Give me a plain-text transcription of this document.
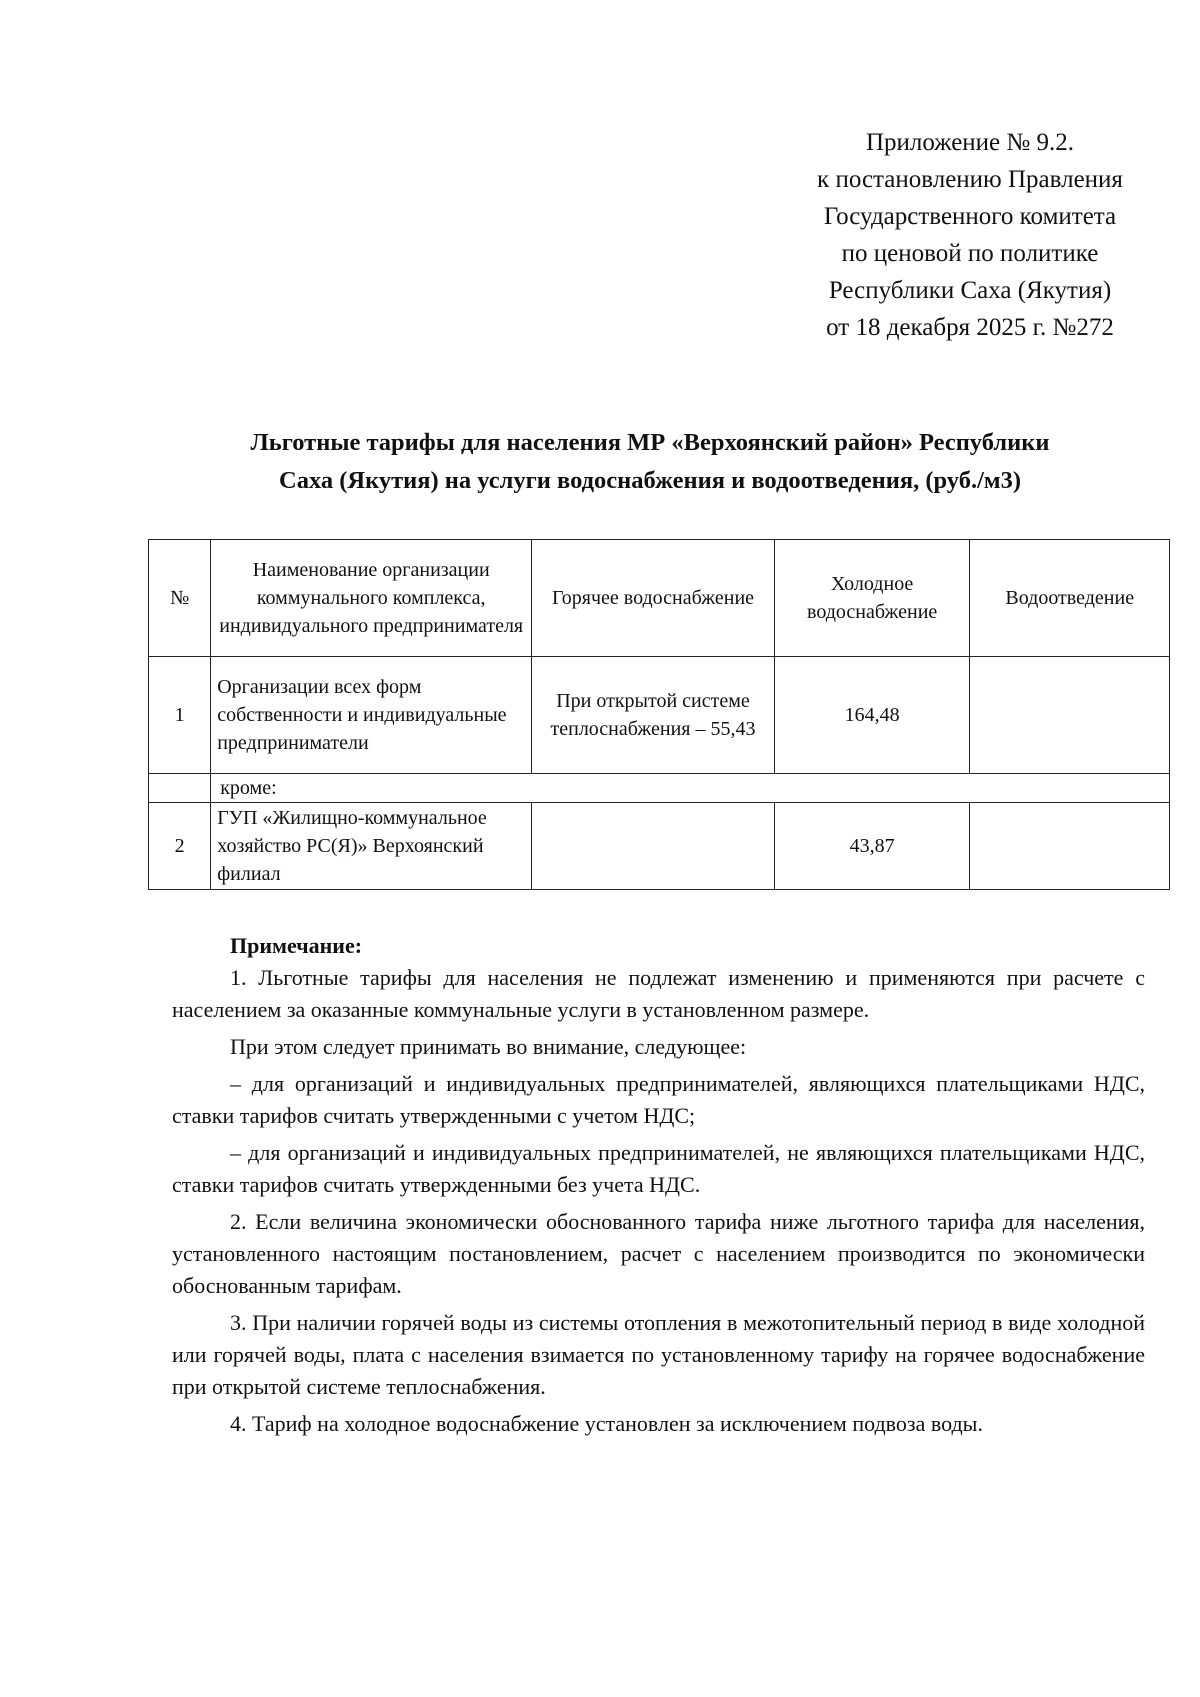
Приложение № 9.2.
к постановлению Правления
Государственного комитета
по ценовой по политике
Республики Саха (Якутия)
от 18 декабря 2025 г. №272
Льготные тарифы для населения МР «Верхоянский район» Республики
Саха (Якутия) на услуги водоснабжения и водоотведения, (руб./м3)
№	Наименование организации коммунального комплекса, индивидуального предпринимателя	Горячее водоснабжение	Холодное водоснабжение	Водоотведение
1	Организации всех форм собственности и индивидуальные предприниматели	При открытой системе теплоснабжения – 55,43	164,48	
	кроме:			
2	ГУП «Жилищно-коммунальное хозяйство РС(Я)» Верхоянский филиал		43,87	
Примечание:

1. Льготные тарифы для населения не подлежат изменению и применяются при расчете с населением за оказанные коммунальные услуги в установленном размере.

При этом следует принимать во внимание, следующее:

– для организаций и индивидуальных предпринимателей, являющихся плательщиками НДС, ставки тарифов считать утвержденными с учетом НДС;

– для организаций и индивидуальных предпринимателей, не являющихся плательщиками НДС, ставки тарифов считать утвержденными без учета НДС.

2. Если величина экономически обоснованного тарифа ниже льготного тарифа для населения, установленного настоящим постановлением, расчет с населением производится по экономически обоснованным тарифам.

3. При наличии горячей воды из системы отопления в межотопительный период в виде холодной или горячей воды, плата с населения взимается по установленному тарифу на горячее водоснабжение при открытой системе теплоснабжения.

4. Тариф на холодное водоснабжение установлен за исключением подвоза воды.
